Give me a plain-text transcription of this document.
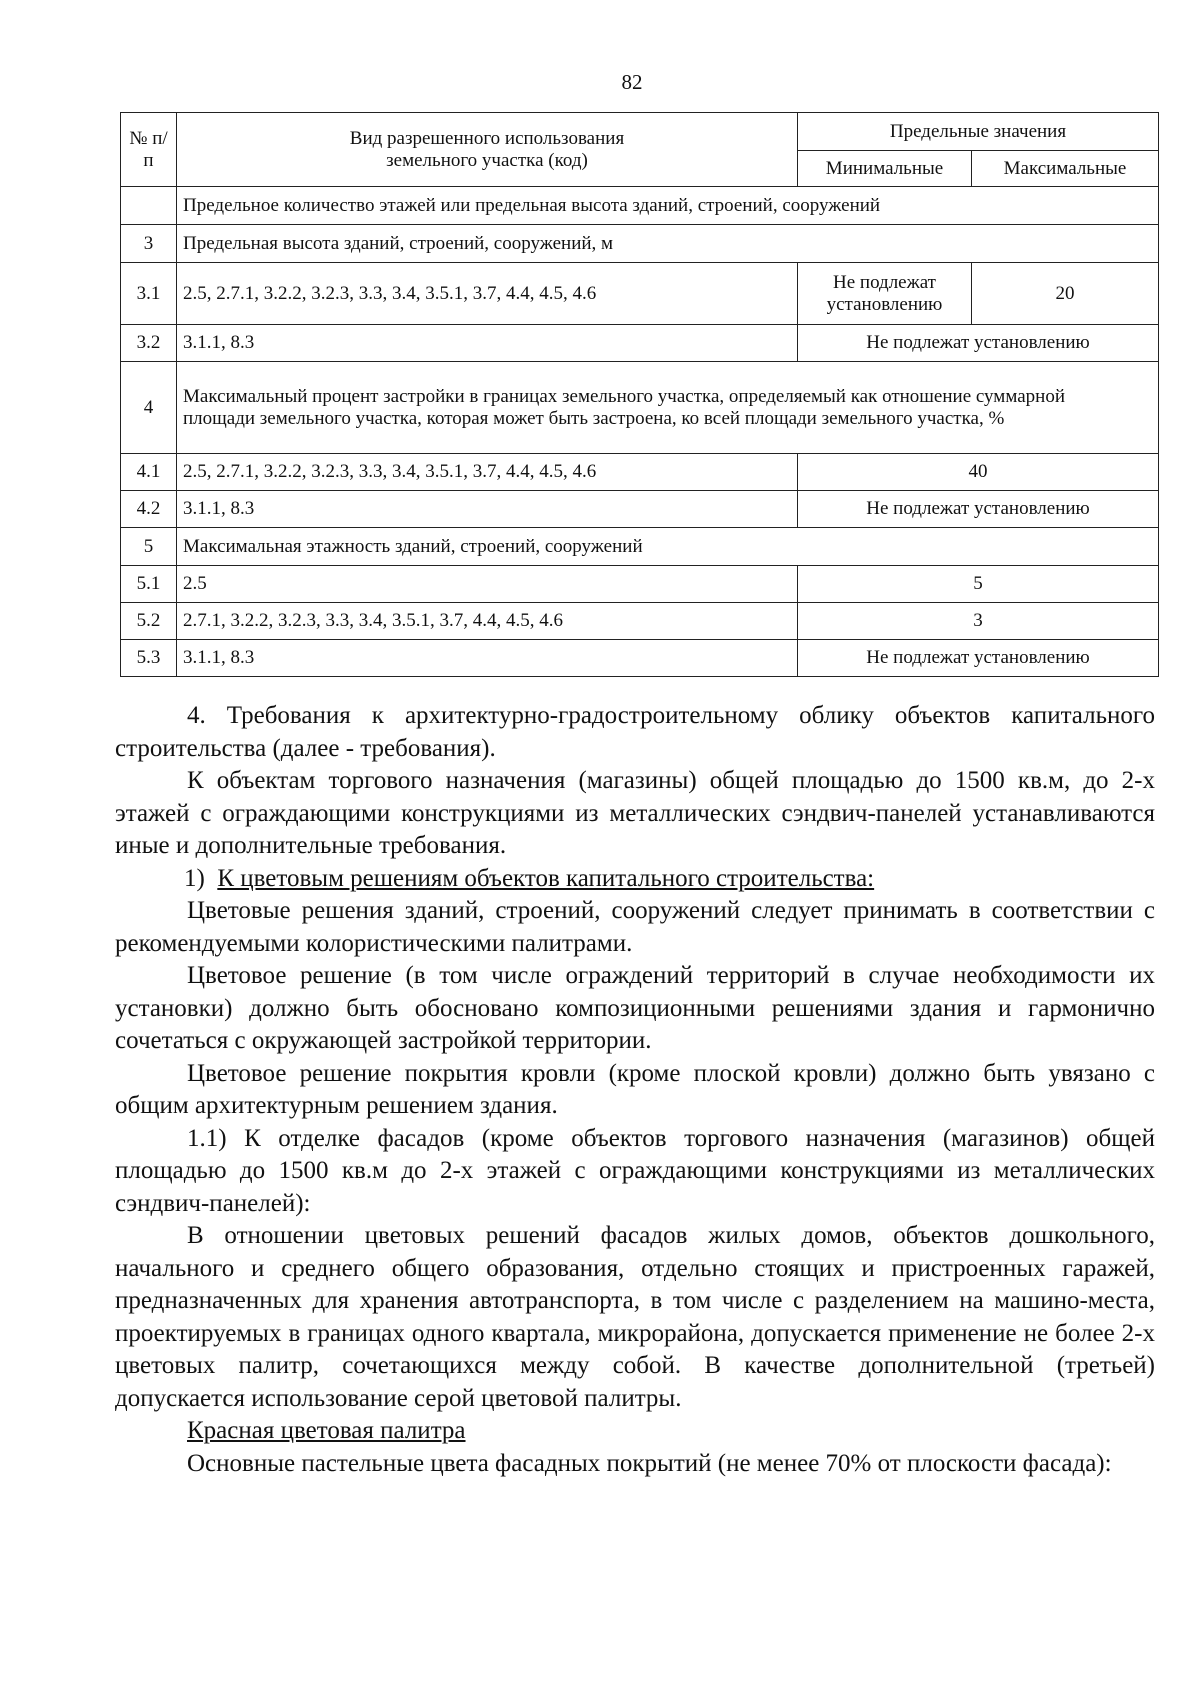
82
№ п/п	Вид разрешенного использования земельного участка (код)	Предельные значения	
		Минимальные	Максимальные
	Предельное количество этажей или предельная высота зданий, строений, сооружений		
3	Предельная высота зданий, строений, сооружений, м		
3.1	2.5, 2.7.1, 3.2.2, 3.2.3, 3.3, 3.4, 3.5.1, 3.7, 4.4, 4.5, 4.6	Не подлежат установлению	20
3.2	3.1.1, 8.3	Не подлежат установлению	
4	Максимальный процент застройки в границах земельного участка, определяемый как отношение суммарной площади земельного участка, которая может быть застроена, ко всей площади земельного участка, %		
4.1	2.5, 2.7.1, 3.2.2, 3.2.3, 3.3, 3.4, 3.5.1, 3.7, 4.4, 4.5, 4.6	40	
4.2	3.1.1, 8.3	Не подлежат установлению	
5	Максимальная этажность зданий, строений, сооружений		
5.1	2.5	5	
5.2	2.7.1, 3.2.2, 3.2.3, 3.3, 3.4, 3.5.1, 3.7, 4.4, 4.5, 4.6	3	
5.3	3.1.1, 8.3	Не подлежат установлению	

4. Требования к архитектурно-градостроительному облику объектов капитального строительства (далее - требования).

К объектам торгового назначения (магазины) общей площадью до 1500 кв.м, до 2-х этажей с ограждающими конструкциями из металлических сэндвич-панелей устанавливаются иные и дополнительные требования.

1) К цветовым решениям объектов капитального строительства:

Цветовые решения зданий, строений, сооружений следует принимать в соответствии с рекомендуемыми колористическими палитрами.

Цветовое решение (в том числе ограждений территорий в случае необходимости их установки) должно быть обосновано композиционными решениями здания и гармонично сочетаться с окружающей застройкой территории.

Цветовое решение покрытия кровли (кроме плоской кровли) должно быть увязано с общим архитектурным решением здания.

1.1) К отделке фасадов (кроме объектов торгового назначения (магазинов) общей площадью до 1500 кв.м до 2-х этажей с ограждающими конструкциями из металлических сэндвич-панелей):

В отношении цветовых решений фасадов жилых домов, объектов дошкольного, начального и среднего общего образования, отдельно стоящих и пристроенных гаражей, предназначенных для хранения автотранспорта, в том числе с разделением на машино-места, проектируемых в границах одного квартала, микрорайона, допускается применение не более 2-х цветовых палитр, сочетающихся между собой. В качестве дополнительной (третьей) допускается использование серой цветовой палитры.

Красная цветовая палитра

Основные пастельные цвета фасадных покрытий (не менее 70% от плоскости фасада):
